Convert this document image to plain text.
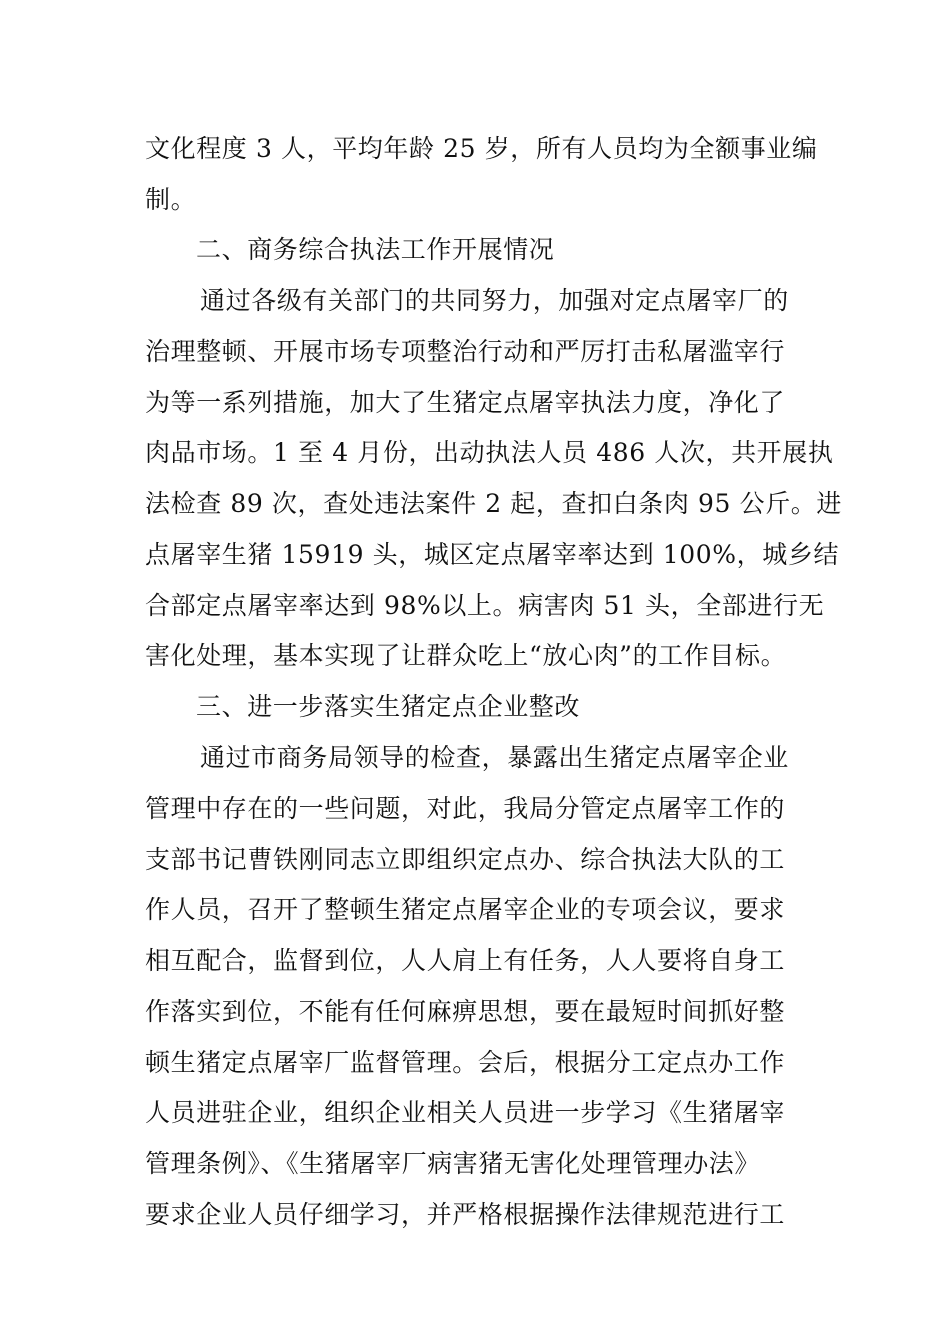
文化程度 3 人，平均年龄 25 岁，所有人员均为全额事业编
制。
二、商务综合执法工作开展情况
通过各级有关部门的共同努力，加强对定点屠宰厂的
治理整顿、开展市场专项整治行动和严厉打击私屠滥宰行
为等一系列措施，加大了生猪定点屠宰执法力度，净化了
肉品市场。1 至 4 月份，出动执法人员 486 人次，共开展执
法检查 89 次，查处违法案件 2 起，查扣白条肉 95 公斤。进
点屠宰生猪 15919 头，城区定点屠宰率达到 100%，城乡结
合部定点屠宰率达到 98%以上。病害肉 51 头，全部进行无
害化处理，基本实现了让群众吃上“放心肉”的工作目标。
三、进一步落实生猪定点企业整改
通过市商务局领导的检查，暴露出生猪定点屠宰企业
管理中存在的一些问题，对此，我局分管定点屠宰工作的
支部书记曹铁刚同志立即组织定点办、综合执法大队的工
作人员，召开了整顿生猪定点屠宰企业的专项会议，要求
相互配合，监督到位，人人肩上有任务，人人要将自身工
作落实到位，不能有任何麻痹思想，要在最短时间抓好整
顿生猪定点屠宰厂监督管理。会后，根据分工定点办工作
人员进驻企业，组织企业相关人员进一步学习《生猪屠宰
管理条例》、《生猪屠宰厂病害猪无害化处理管理办法》
要求企业人员仔细学习，并严格根据操作法律规范进行工
